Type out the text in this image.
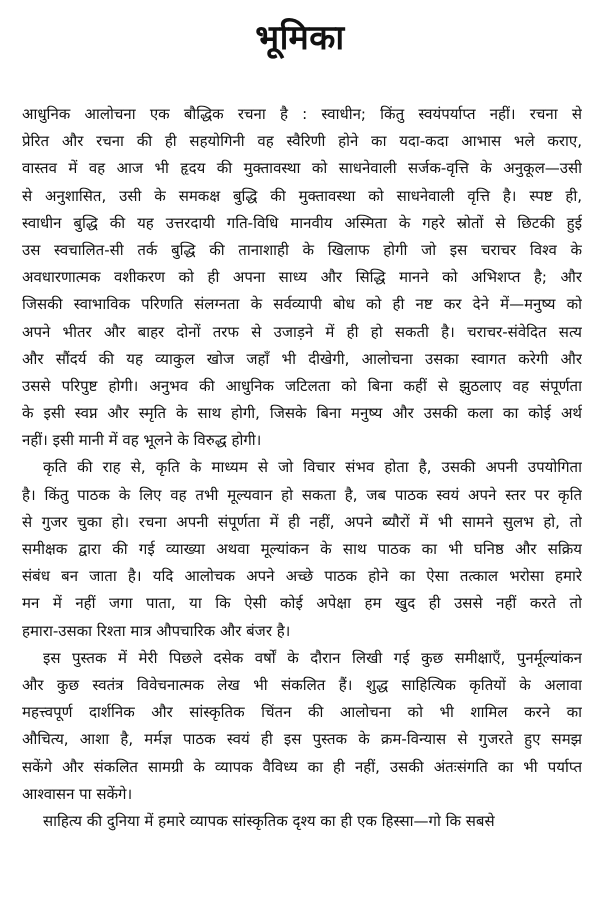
भूमिका
आधुनिक आलोचना एक बौद्धिक रचना है : स्वाधीन; किंतु स्वयंपर्याप्त नहीं। रचना से
प्रेरित और रचना की ही सहयोगिनी वह स्वैरिणी होने का यदा-कदा आभास भले कराए,
वास्तव में वह आज भी हृदय की मुक्तावस्था को साधनेवाली सर्जक-वृत्ति के अनुकूल—उसी
से अनुशासित, उसी के समकक्ष बुद्धि की मुक्तावस्था को साधनेवाली वृत्ति है। स्पष्ट ही,
स्वाधीन बुद्धि की यह उत्तरदायी गति-विधि मानवीय अस्मिता के गहरे स्रोतों से छिटकी हुई
उस स्वचालित-सी तर्क बुद्धि की तानाशाही के खिलाफ होगी जो इस चराचर विश्व के
अवधारणात्मक वशीकरण को ही अपना साध्य और सिद्धि मानने को अभिशप्त है; और
जिसकी स्वाभाविक परिणति संलग्नता के सर्वव्यापी बोध को ही नष्ट कर देने में—मनुष्य को
अपने भीतर और बाहर दोनों तरफ से उजाड़ने में ही हो सकती है। चराचर-संवेदित सत्य
और सौंदर्य की यह व्याकुल खोज जहाँ भी दीखेगी, आलोचना उसका स्वागत करेगी और
उससे परिपुष्ट होगी। अनुभव की आधुनिक जटिलता को बिना कहीं से झुठलाए वह संपूर्णता
के इसी स्वप्न और स्मृति के साथ होगी, जिसके बिना मनुष्य और उसकी कला का कोई अर्थ
नहीं। इसी मानी में वह भूलने के विरुद्ध होगी।
कृति की राह से, कृति के माध्यम से जो विचार संभव होता है, उसकी अपनी उपयोगिता
है। किंतु पाठक के लिए वह तभी मूल्यवान हो सकता है, जब पाठक स्वयं अपने स्तर पर कृति
से गुजर चुका हो। रचना अपनी संपूर्णता में ही नहीं, अपने ब्यौरों में भी सामने सुलभ हो, तो
समीक्षक द्वारा की गई व्याख्या अथवा मूल्यांकन के साथ पाठक का भी घनिष्ठ और सक्रिय
संबंध बन जाता है। यदि आलोचक अपने अच्छे पाठक होने का ऐसा तत्काल भरोसा हमारे
मन में नहीं जगा पाता, या कि ऐसी कोई अपेक्षा हम खुद ही उससे नहीं करते तो
हमारा-उसका रिश्ता मात्र औपचारिक और बंजर है।
इस पुस्तक में मेरी पिछले दसेक वर्षों के दौरान लिखी गई कुछ समीक्षाएँ, पुनर्मूल्यांकन
और कुछ स्वतंत्र विवेचनात्मक लेख भी संकलित हैं। शुद्ध साहित्यिक कृतियों के अलावा
महत्त्वपूर्ण दार्शनिक और सांस्कृतिक चिंतन की आलोचना को भी शामिल करने का
औचित्य, आशा है, मर्मज्ञ पाठक स्वयं ही इस पुस्तक के क्रम-विन्यास से गुजरते हुए समझ
सकेंगे और संकलित सामग्री के व्यापक वैविध्य का ही नहीं, उसकी अंतःसंगति का भी पर्याप्त
आश्वासन पा सकेंगे।
साहित्य की दुनिया में हमारे व्यापक सांस्कृतिक दृश्य का ही एक हिस्सा—गो कि सबसे
